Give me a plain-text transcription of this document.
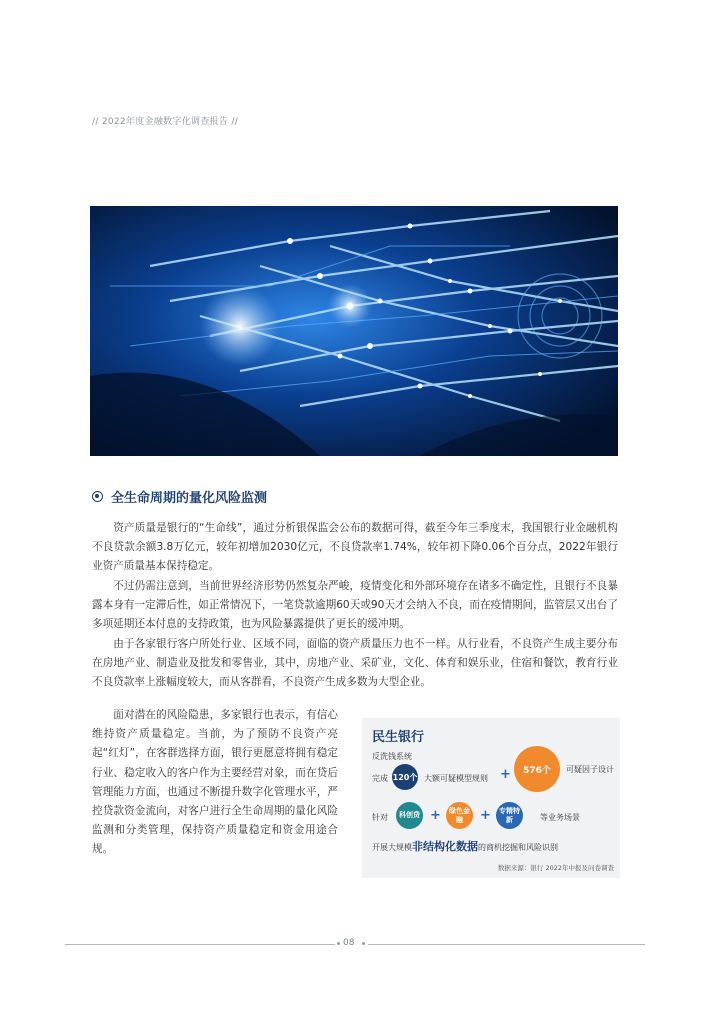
// 2022年度金融数字化调查报告 //
全生命周期的量化风险监测

资产质量是银行的“生命线”，通过分析银保监会公布的数据可得，截至今年三季度末，我国银行业金融机构不良贷款余额3.8万亿元，较年初增加2030亿元，不良贷款率1.74%，较年初下降0.06个百分点，2022年银行业资产质量基本保持稳定。

不过仍需注意到，当前世界经济形势仍然复杂严峻，疫情变化和外部环境存在诸多不确定性，且银行不良暴露本身有一定滞后性，如正常情况下，一笔贷款逾期60天或90天才会纳入不良，而在疫情期间，监管层又出台了多项延期还本付息的支持政策，也为风险暴露提供了更长的缓冲期。

由于各家银行客户所处行业、区域不同，面临的资产质量压力也不一样。从行业看，不良资产生成主要分布在房地产业、制造业及批发和零售业，其中，房地产业、采矿业，文化、体育和娱乐业，住宿和餐饮，教育行业不良贷款率上涨幅度较大，而从客群看，不良资产生成多数为大型企业。

面对潜在的风险隐患，多家银行也表示，有信心维持资产质量稳定。当前，为了预防不良资产亮起“红灯”，在客群选择方面，银行更愿意将拥有稳定行业、稳定收入的客户作为主要经营对象，而在贷后管理能力方面，也通过不断提升数字化管理水平，严控贷款资金流向，对客户进行全生命周期的量化风险监测和分类管理，保持资产质量稳定和资金用途合规。

民生银行
反洗钱系统
完成 120个 大额可疑模型规则 +	576个	可疑因子设计
针对	科创贷 +	绿色金融	+	专精特新	等业务场景
开展大规模非结构化数据的商机挖掘和风险识别
数据来源：银行 2022年中报及问卷调查
08
